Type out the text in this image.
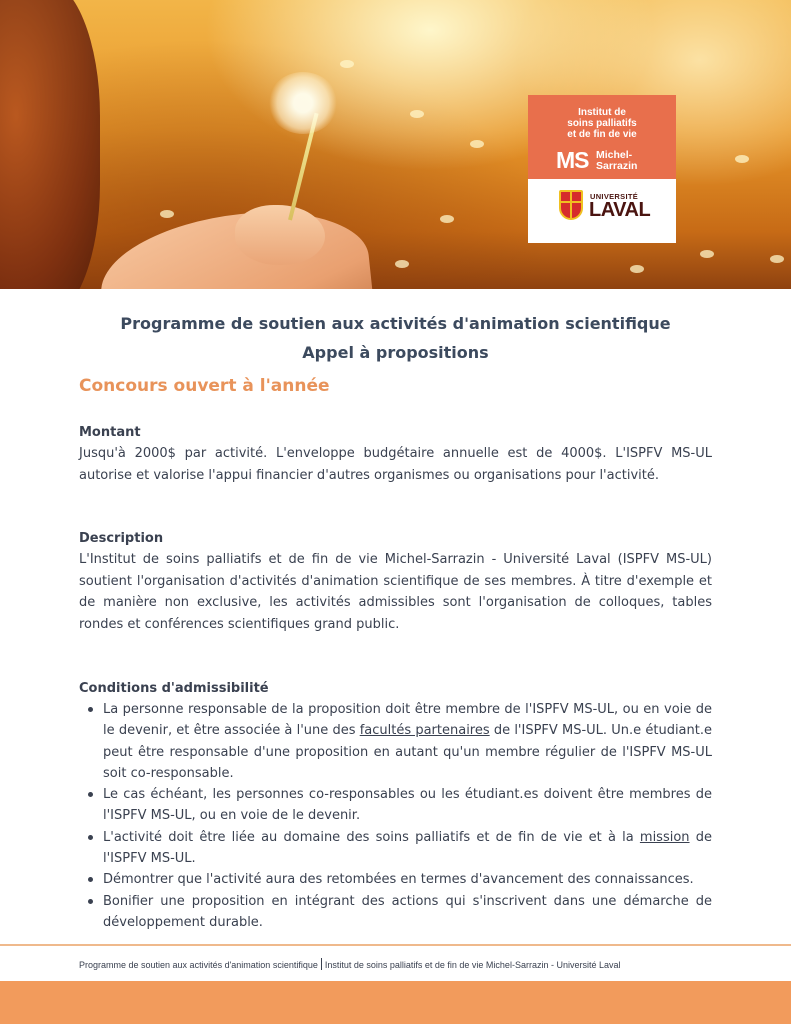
Institut de
soins palliatifs
et de fin de vie
MS Michel-
Sarrazin
UNIVERSITÉ
LAVAL
Programme de soutien aux activités d'animation scientifique
Appel à propositions
Concours ouvert à l'année
Montant

Jusqu'à 2000$ par activité. L'enveloppe budgétaire annuelle est de 4000$. L'ISPFV MS-UL autorise et valorise l'appui financier d'autres organismes ou organisations pour l'activité.

Description

L'Institut de soins palliatifs et de fin de vie Michel-Sarrazin - Université Laval (ISPFV MS-UL) soutient l'organisation d'activités d'animation scientifique de ses membres. À titre d'exemple et de manière non exclusive, les activités admissibles sont l'organisation de colloques, tables rondes et conférences scientifiques grand public.

Conditions d'admissibilité
La personne responsable de la proposition doit être membre de l'ISPFV MS-UL, ou en voie de le devenir, et être associée à l'une des facultés partenaires de l'ISPFV MS-UL. Un.e étudiant.e peut être responsable d'une proposition en autant qu'un membre régulier de l'ISPFV MS-UL soit co-responsable.
Le cas échéant, les personnes co-responsables ou les étudiant.es doivent être membres de l'ISPFV MS-UL, ou en voie de le devenir.
L'activité doit être liée au domaine des soins palliatifs et de fin de vie et à la mission de l'ISPFV MS-UL.
Démontrer que l'activité aura des retombées en termes d'avancement des connaissances.
Bonifier une proposition en intégrant des actions qui s'inscrivent dans une démarche de développement durable.
Programme de soutien aux activités d'animation scientifique Institut de soins palliatifs et de fin de vie Michel-Sarrazin - Université Laval
